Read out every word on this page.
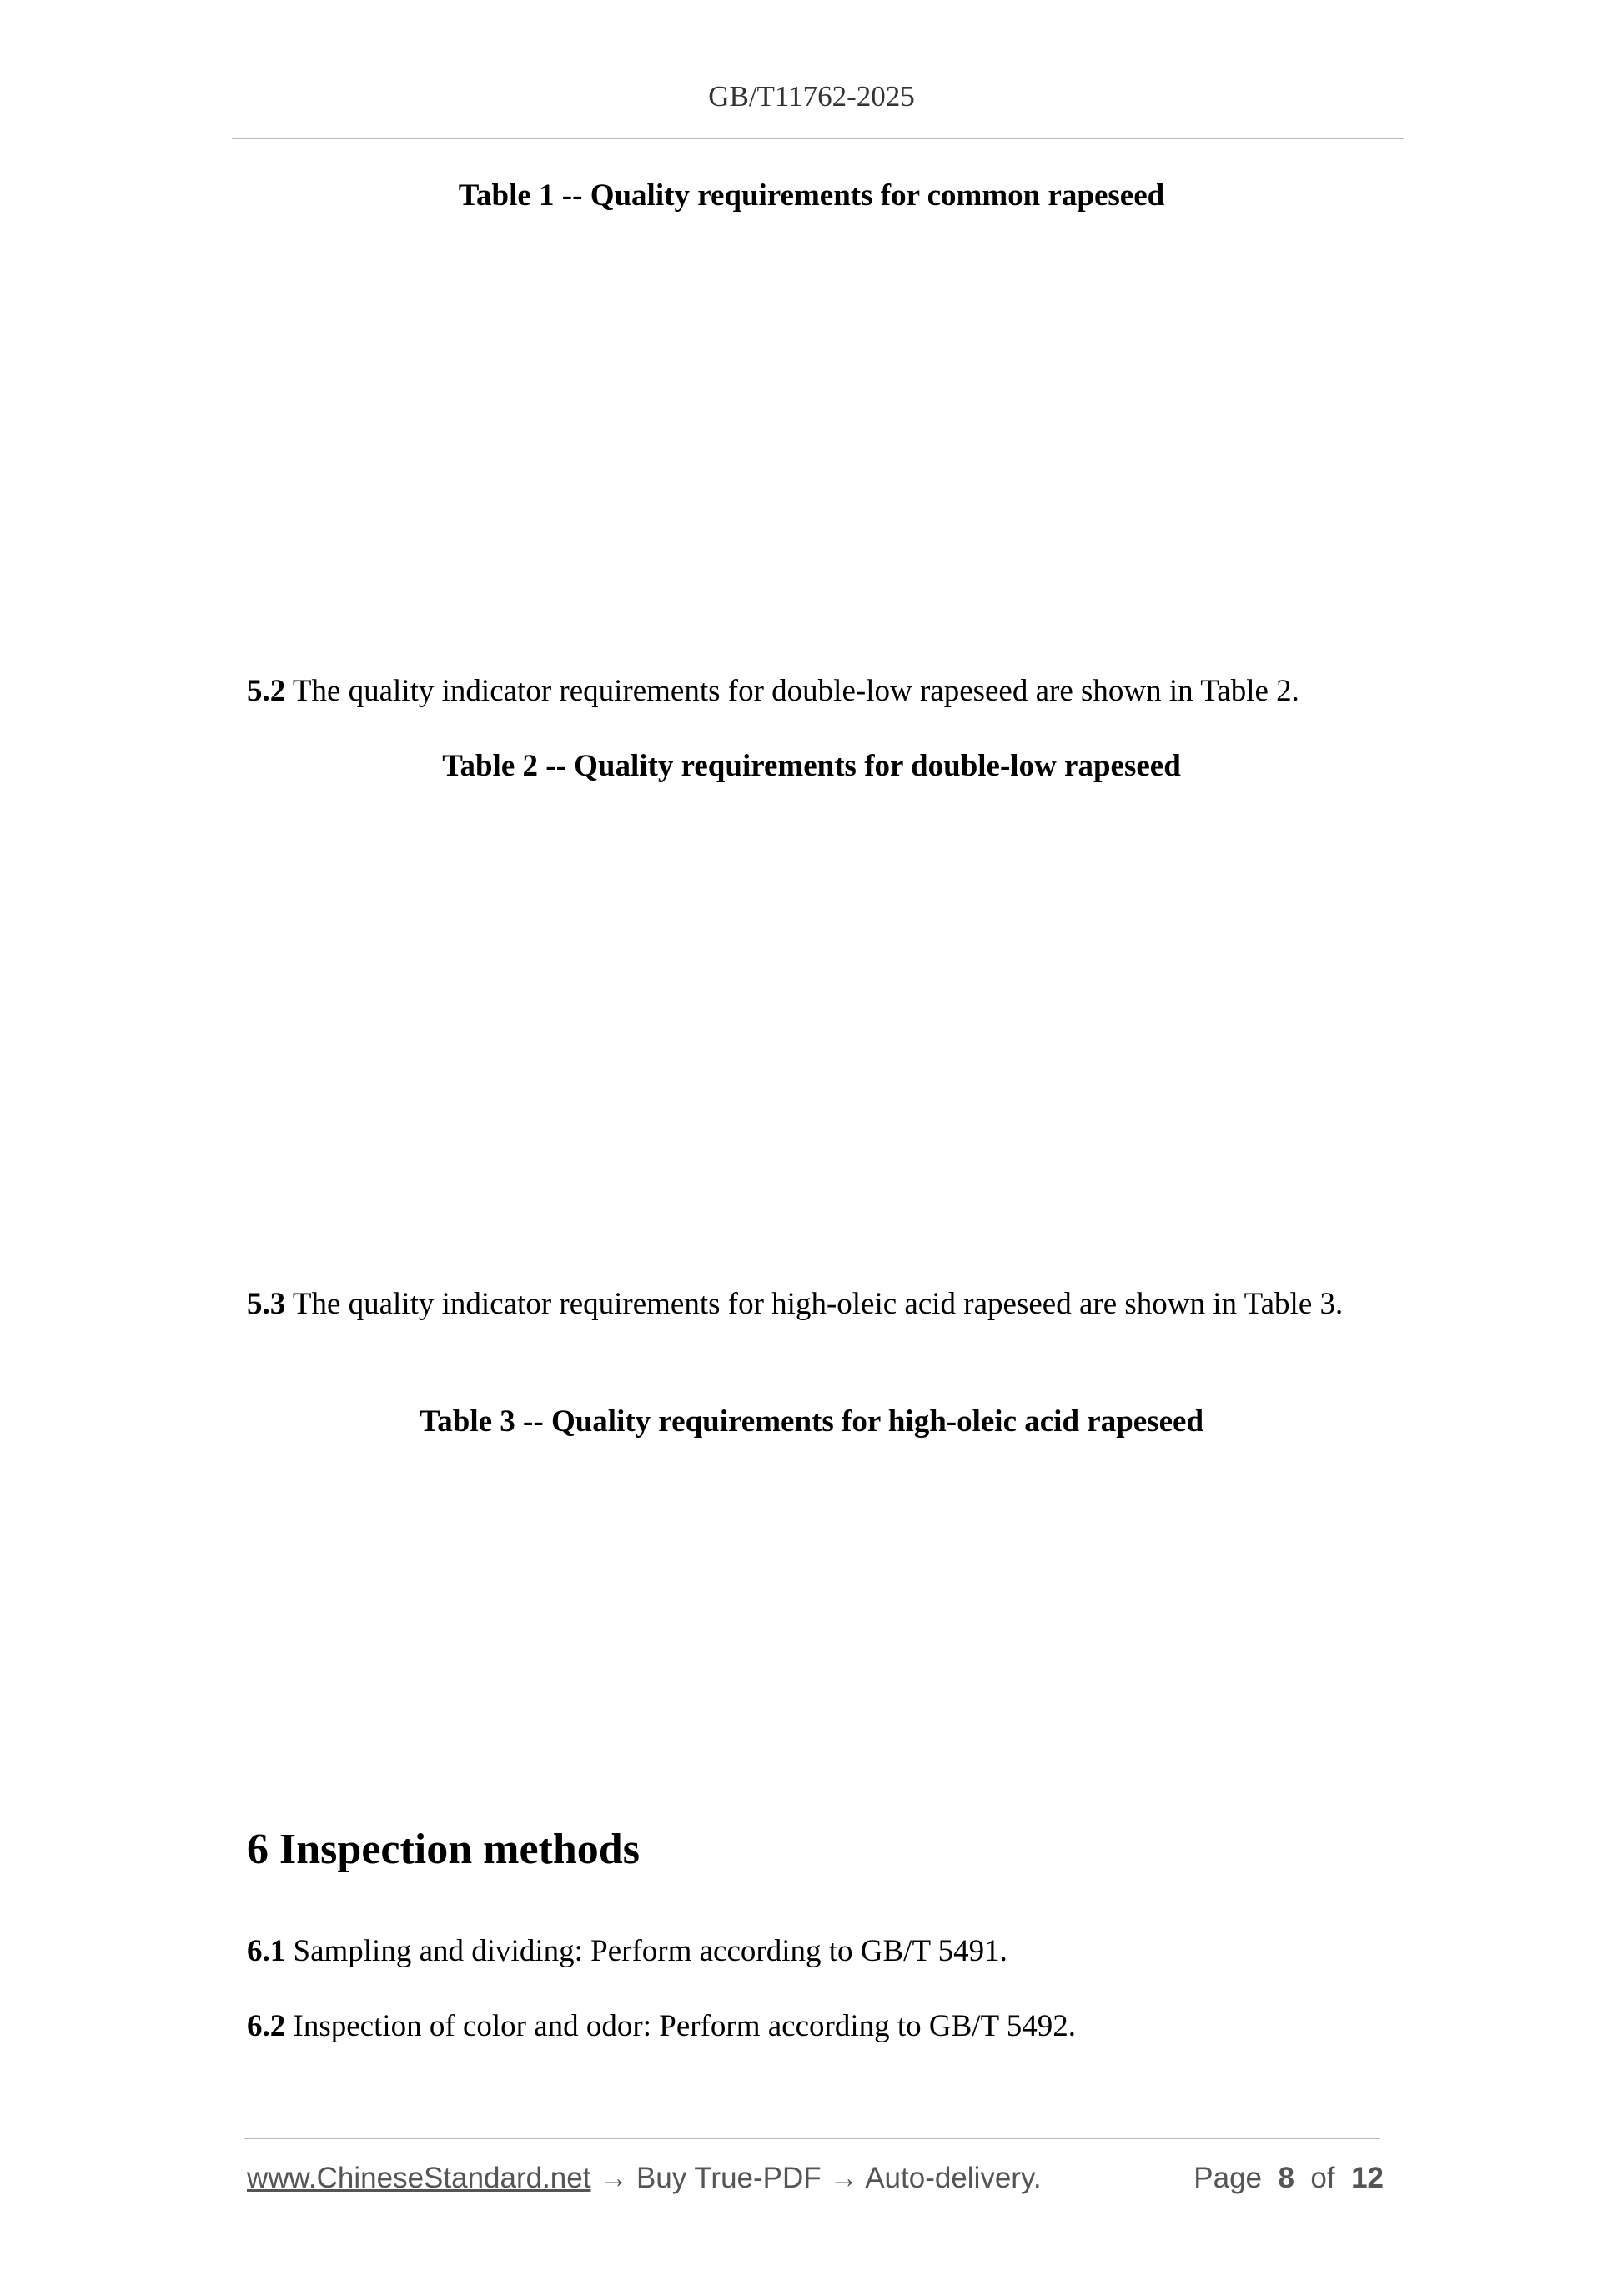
GB/T11762-2025
Table 1 -- Quality requirements for common rapeseed
5.2 The quality indicator requirements for double-low rapeseed are shown in Table 2.
Table 2 -- Quality requirements for double-low rapeseed
5.3 The quality indicator requirements for high-oleic acid rapeseed are shown in Table 3.
Table 3 -- Quality requirements for high-oleic acid rapeseed
6 Inspection methods
6.1 Sampling and dividing: Perform according to GB/T 5491.
6.2 Inspection of color and odor: Perform according to GB/T 5492.
www.ChineseStandard.net → Buy True-PDF → Auto-delivery.	Page 8 of 12
